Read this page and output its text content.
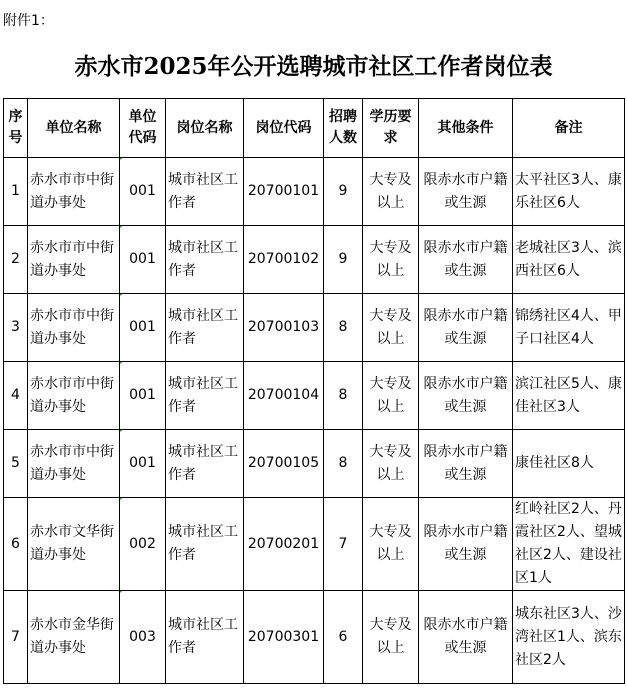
附件1：
赤水市2025年公开选聘城市社区工作者岗位表
序号	单位名称	单位代码	岗位名称	岗位代码	招聘人数	学历要求	其他条件	备注
1	赤水市市中街道办事处	001	城市社区工作者	20700101	9	大专及以上	限赤水市户籍或生源	太平社区3人、康乐社区6人
2	赤水市市中街道办事处	001	城市社区工作者	20700102	9	大专及以上	限赤水市户籍或生源	老城社区3人、滨西社区6人
3	赤水市市中街道办事处	001	城市社区工作者	20700103	8	大专及以上	限赤水市户籍或生源	锦绣社区4人、甲子口社区4人
4	赤水市市中街道办事处	001	城市社区工作者	20700104	8	大专及以上	限赤水市户籍或生源	滨江社区5人、康佳社区3人
5	赤水市市中街道办事处	001	城市社区工作者	20700105	8	大专及以上	限赤水市户籍或生源	康佳社区8人
6	赤水市文华街道办事处	002	城市社区工作者	20700201	7	大专及以上	限赤水市户籍或生源	红岭社区2人、丹霞社区2人、望城社区2人、建设社区1人
7	赤水市金华街道办事处	003	城市社区工作者	20700301	6	大专及以上	限赤水市户籍或生源	城东社区3人、沙湾社区1人、滨东社区2人
